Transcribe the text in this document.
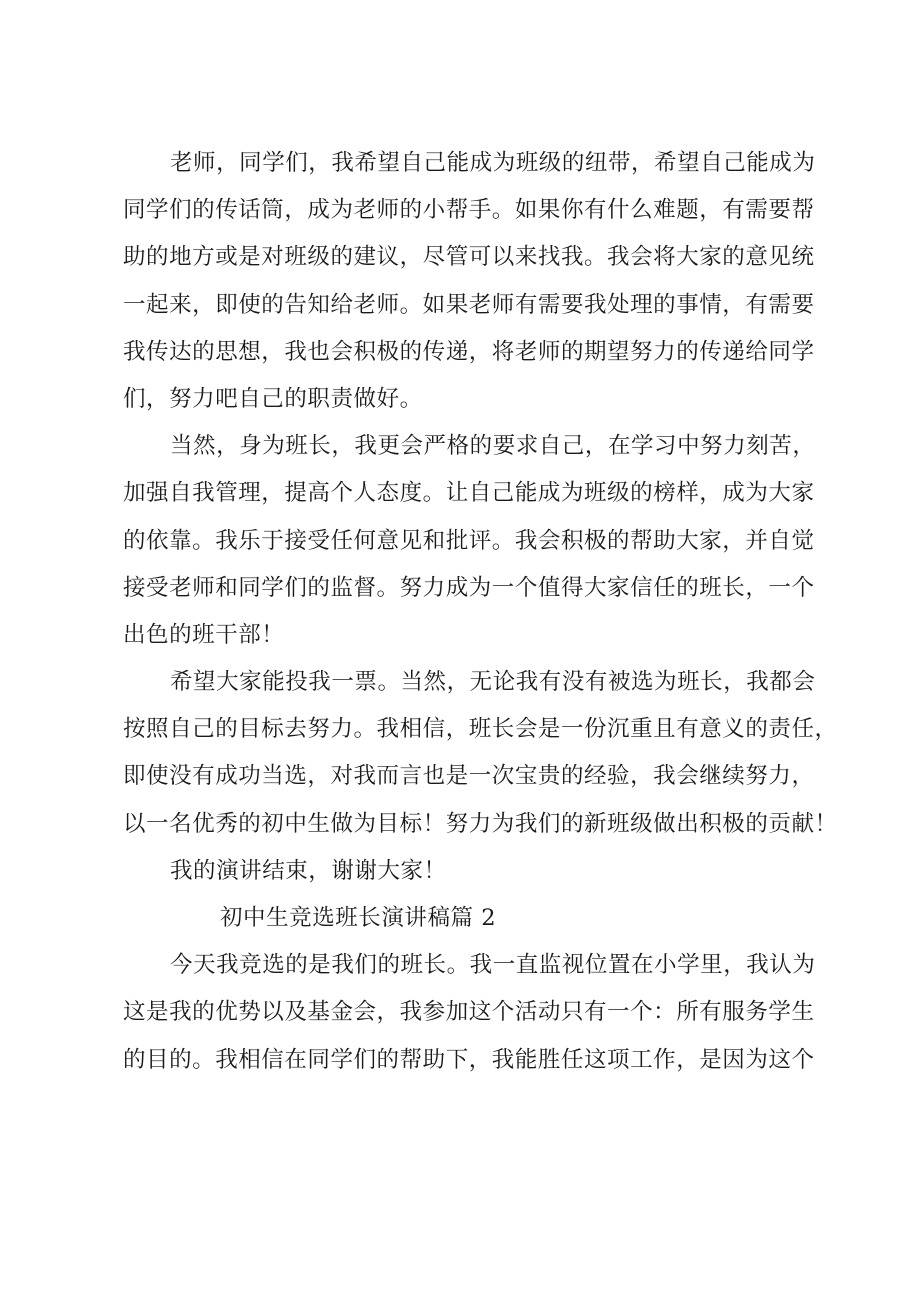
老师，同学们，我希望自己能成为班级的纽带，希望自己能成为
同学们的传话筒，成为老师的小帮手。如果你有什么难题，有需要帮
助的地方或是对班级的建议，尽管可以来找我。我会将大家的意见统
一起来，即使的告知给老师。如果老师有需要我处理的事情，有需要
我传达的思想，我也会积极的传递，将老师的期望努力的传递给同学
们，努力吧自己的职责做好。
当然，身为班长，我更会严格的要求自己，在学习中努力刻苦，
加强自我管理，提高个人态度。让自己能成为班级的榜样，成为大家
的依靠。我乐于接受任何意见和批评。我会积极的帮助大家，并自觉
接受老师和同学们的监督。努力成为一个值得大家信任的班长，一个
出色的班干部！
希望大家能投我一票。当然，无论我有没有被选为班长，我都会
按照自己的目标去努力。我相信，班长会是一份沉重且有意义的责任，
即使没有成功当选，对我而言也是一次宝贵的经验，我会继续努力，
以一名优秀的初中生做为目标！努力为我们的新班级做出积极的贡献！
我的演讲结束，谢谢大家！
初中生竞选班长演讲稿篇 2
今天我竞选的是我们的班长。我一直监视位置在小学里，我认为
这是我的优势以及基金会，我参加这个活动只有一个：所有服务学生
的目的。我相信在同学们的帮助下，我能胜任这项工作，是因为这个
